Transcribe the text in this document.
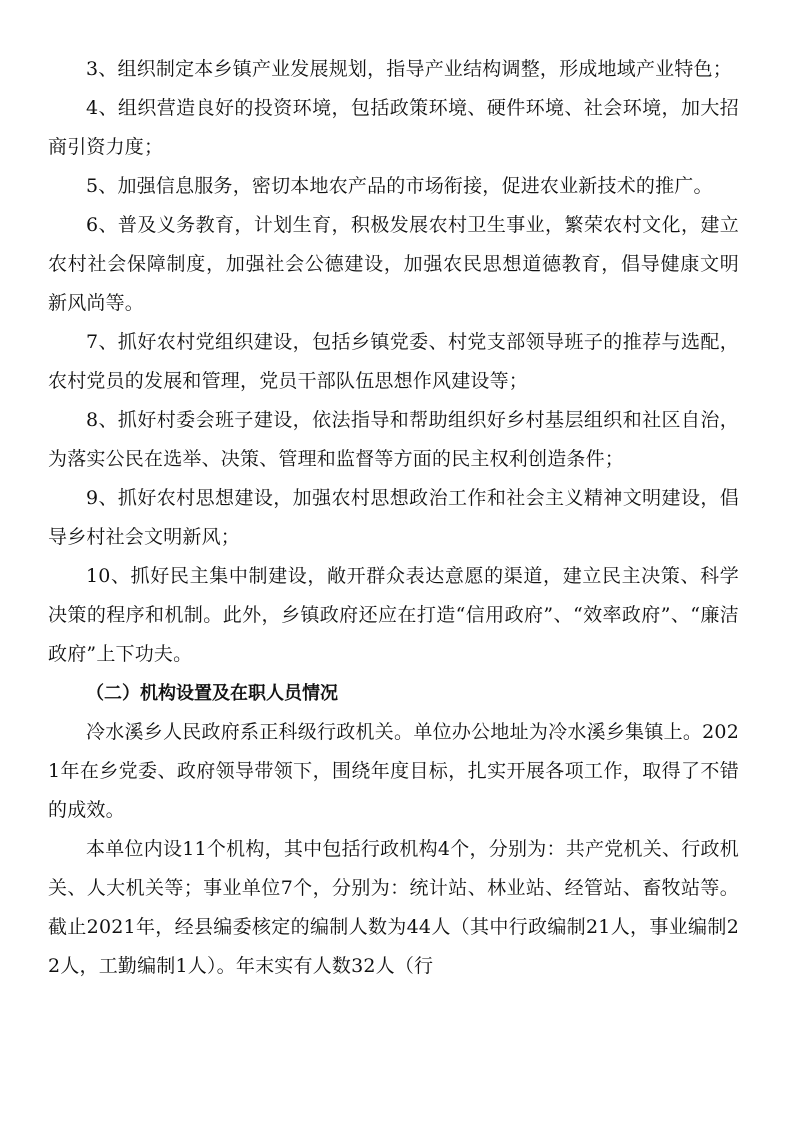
3、组织制定本乡镇产业发展规划，指导产业结构调整，形成地域产业特色；

4、组织营造良好的投资环境，包括政策环境、硬件环境、社会环境，加大招商引资力度；

5、加强信息服务，密切本地农产品的市场衔接，促进农业新技术的推广。

6、普及义务教育，计划生育，积极发展农村卫生事业，繁荣农村文化，建立农村社会保障制度，加强社会公德建设，加强农民思想道德教育，倡导健康文明新风尚等。

7、抓好农村党组织建设，包括乡镇党委、村党支部领导班子的推荐与选配，农村党员的发展和管理，党员干部队伍思想作风建设等；

8、抓好村委会班子建设，依法指导和帮助组织好乡村基层组织和社区自治，为落实公民在选举、决策、管理和监督等方面的民主权利创造条件；

9、抓好农村思想建设，加强农村思想政治工作和社会主义精神文明建设，倡导乡村社会文明新风；

10、抓好民主集中制建设，敞开群众表达意愿的渠道，建立民主决策、科学决策的程序和机制。此外，乡镇政府还应在打造“信用政府”、“效率政府”、“廉洁政府”上下功夫。

（二）机构设置及在职人员情况

冷水溪乡人民政府系正科级行政机关。单位办公地址为冷水溪乡集镇上。2021年在乡党委、政府领导带领下，围绕年度目标，扎实开展各项工作，取得了不错的成效。

本单位内设11个机构，其中包括行政机构4个，分别为：共产党机关、行政机关、人大机关等；事业单位7个，分别为：统计站、林业站、经管站、畜牧站等。截止2021年，经县编委核定的编制人数为44人（其中行政编制21人，事业编制22人，工勤编制1人）。年末实有人数32人（行
